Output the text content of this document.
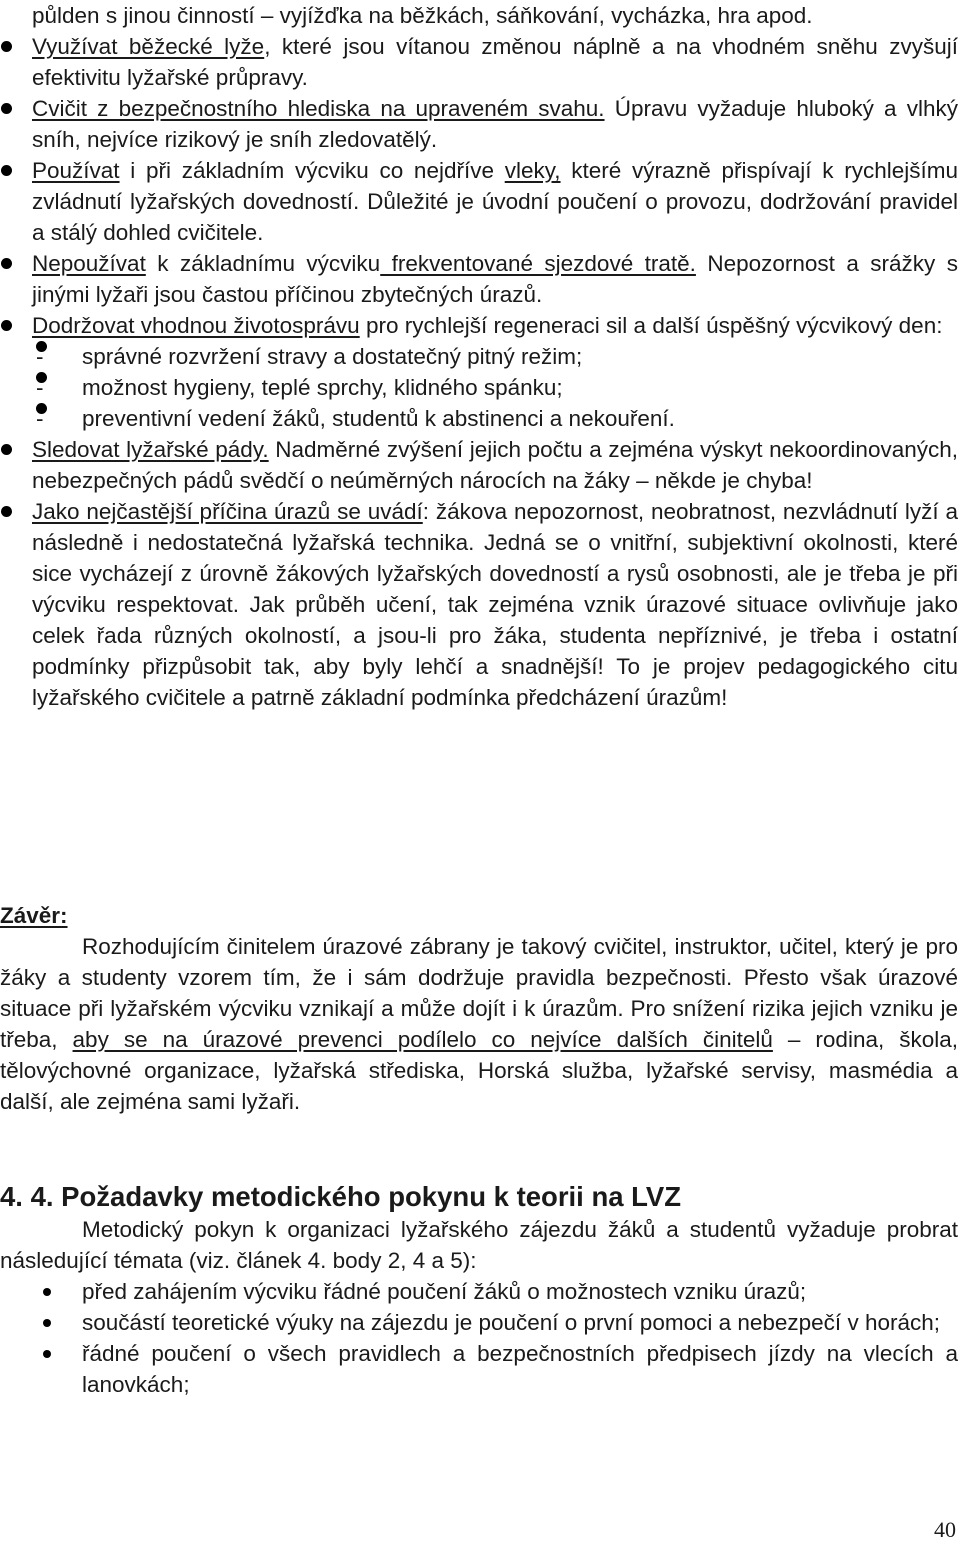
půlden s jinou činností – vyjížďka na běžkách, sáňkování, vycházka, hra apod.

Využívat běžecké lyže, které jsou vítanou změnou náplně a na vhodném sněhu zvyšují efektivitu lyžařské průpravy.
Cvičit z bezpečnostního hlediska na upraveném svahu. Úpravu vyžaduje hluboký a vlhký sníh, nejvíce rizikový je sníh zledovatělý.
Používat i při základním výcviku co nejdříve vleky, které výrazně přispívají k rychlejšímu zvládnutí lyžařských dovedností. Důležité je úvodní poučení o provozu, dodržování pravidel a stálý dohled cvičitele.
Nepoužívat k základnímu výcviku frekventované sjezdové tratě. Nepozornost a srážky s jinými lyžaři jsou častou příčinou zbytečných úrazů.
Dodržovat vhodnou životosprávu pro rychlejší regeneraci sil a další úspěšný výcvikový den:
- správné rozvržení stravy a dostatečný pitný režim;
- možnost hygieny, teplé sprchy, klidného spánku;
- preventivní vedení žáků, studentů k abstinenci a nekouření.
Sledovat lyžařské pády. Nadměrné zvýšení jejich počtu a zejména výskyt nekoordinovaných, nebezpečných pádů svědčí o neúměrných nárocích na žáky – někde je chyba!
Jako nejčastější příčina úrazů se uvádí: žákova nepozornost, neobratnost, nezvládnutí lyží a následně i nedostatečná lyžařská technika. Jedná se o vnitřní, subjektivní okolnosti, které sice vycházejí z úrovně žákových lyžařských dovedností a rysů osobnosti, ale je třeba je při výcviku respektovat. Jak průběh učení, tak zejména vznik úrazové situace ovlivňuje jako celek řada různých okolností, a jsou-li pro žáka, studenta nepříznivé, je třeba i ostatní podmínky přizpůsobit tak, aby byly lehčí a snadnější! To je projev pedagogického citu lyžařského cvičitele a patrně základní podmínka předcházení úrazům!
Závěr:

Rozhodujícím činitelem úrazové zábrany je takový cvičitel, instruktor, učitel, který je pro žáky a studenty vzorem tím, že i sám dodržuje pravidla bezpečnosti. Přesto však úrazové situace při lyžařském výcviku vznikají a může dojít i k úrazům. Pro snížení rizika jejich vzniku je třeba, aby se na úrazové prevenci podílelo co nejvíce dalších činitelů – rodina, škola, tělovýchovné organizace, lyžařská střediska, Horská služba, lyžařské servisy, masmédia a další, ale zejména sami lyžaři.

4. 4. Požadavky metodického pokynu k teorii na LVZ

Metodický pokyn k organizaci lyžařského zájezdu žáků a studentů vyžaduje probrat následující témata (viz. článek 4. body 2, 4 a 5):

před zahájením výcviku řádné poučení žáků o možnostech vzniku úrazů;
součástí teoretické výuky na zájezdu je poučení o první pomoci a nebezpečí v horách;
řádné poučení o všech pravidlech a bezpečnostních předpisech jízdy na vlecích a lanovkách;
40
